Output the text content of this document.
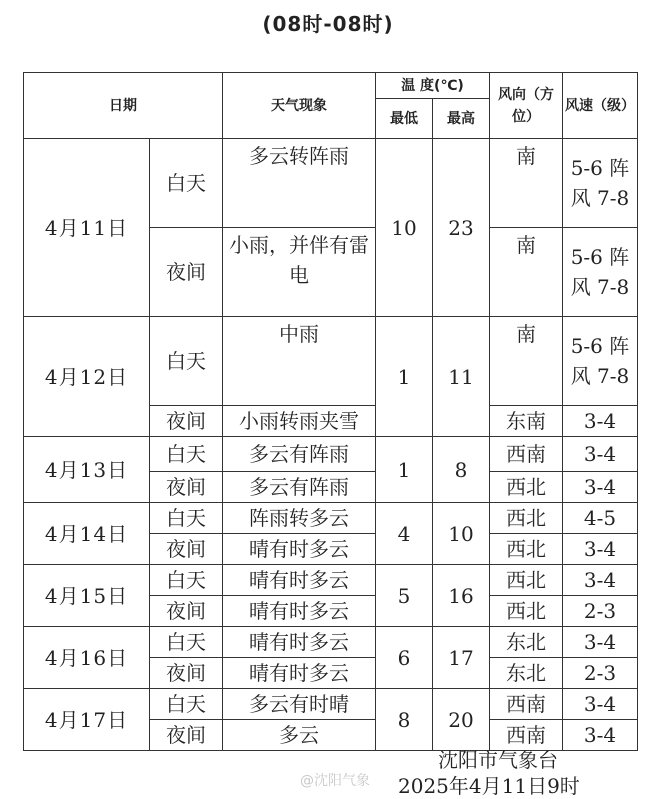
(08时-08时)
日期		天气现象	温 度(℃)		风向（方位）	风速（级）
			最低	最高		
4月11日	白天	多云转阵雨	10	23	南	5-6 阵风 7-8
	夜间	小雨，并伴有雷电			南	5-6 阵风 7-8
4月12日	白天	中雨	1	11	南	5-6 阵风 7-8
	夜间	小雨转雨夹雪			东南	3-4
4月13日	白天	多云有阵雨	1	8	西南	3-4
	夜间	多云有阵雨			西北	3-4
4月14日	白天	阵雨转多云	4	10	西北	4-5
	夜间	晴有时多云			西北	3-4
4月15日	白天	晴有时多云	5	16	西北	3-4
	夜间	晴有时多云			西北	2-3
4月16日	白天	晴有时多云	6	17	东北	3-4
	夜间	晴有时多云			东北	2-3
4月17日	白天	多云有时晴	8	20	西南	3-4
	夜间	多云			西南	3-4
沈阳市气象台
2025年4月11日9时
@沈阳气象
